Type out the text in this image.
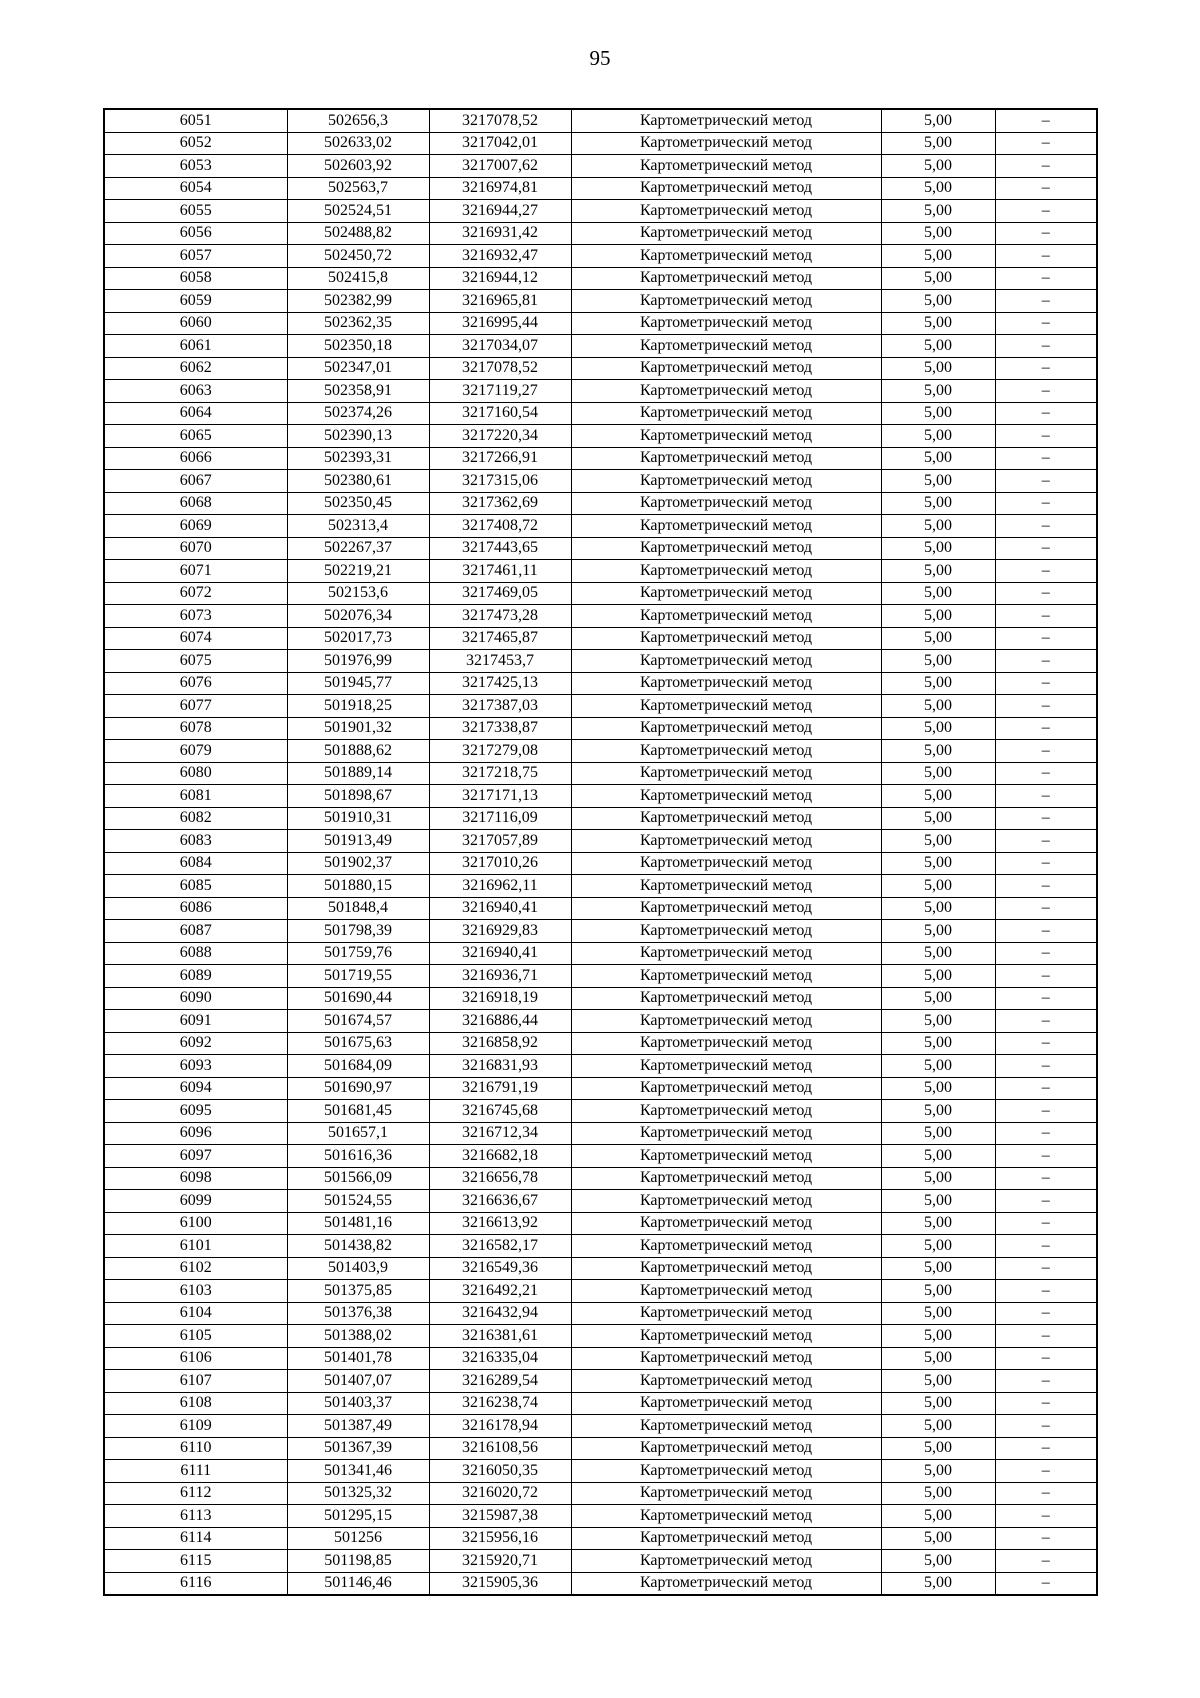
95
6051	502656,3	3217078,52	Картометрический метод	5,00	–
6052	502633,02	3217042,01	Картометрический метод	5,00	–
6053	502603,92	3217007,62	Картометрический метод	5,00	–
6054	502563,7	3216974,81	Картометрический метод	5,00	–
6055	502524,51	3216944,27	Картометрический метод	5,00	–
6056	502488,82	3216931,42	Картометрический метод	5,00	–
6057	502450,72	3216932,47	Картометрический метод	5,00	–
6058	502415,8	3216944,12	Картометрический метод	5,00	–
6059	502382,99	3216965,81	Картометрический метод	5,00	–
6060	502362,35	3216995,44	Картометрический метод	5,00	–
6061	502350,18	3217034,07	Картометрический метод	5,00	–
6062	502347,01	3217078,52	Картометрический метод	5,00	–
6063	502358,91	3217119,27	Картометрический метод	5,00	–
6064	502374,26	3217160,54	Картометрический метод	5,00	–
6065	502390,13	3217220,34	Картометрический метод	5,00	–
6066	502393,31	3217266,91	Картометрический метод	5,00	–
6067	502380,61	3217315,06	Картометрический метод	5,00	–
6068	502350,45	3217362,69	Картометрический метод	5,00	–
6069	502313,4	3217408,72	Картометрический метод	5,00	–
6070	502267,37	3217443,65	Картометрический метод	5,00	–
6071	502219,21	3217461,11	Картометрический метод	5,00	–
6072	502153,6	3217469,05	Картометрический метод	5,00	–
6073	502076,34	3217473,28	Картометрический метод	5,00	–
6074	502017,73	3217465,87	Картометрический метод	5,00	–
6075	501976,99	3217453,7	Картометрический метод	5,00	–
6076	501945,77	3217425,13	Картометрический метод	5,00	–
6077	501918,25	3217387,03	Картометрический метод	5,00	–
6078	501901,32	3217338,87	Картометрический метод	5,00	–
6079	501888,62	3217279,08	Картометрический метод	5,00	–
6080	501889,14	3217218,75	Картометрический метод	5,00	–
6081	501898,67	3217171,13	Картометрический метод	5,00	–
6082	501910,31	3217116,09	Картометрический метод	5,00	–
6083	501913,49	3217057,89	Картометрический метод	5,00	–
6084	501902,37	3217010,26	Картометрический метод	5,00	–
6085	501880,15	3216962,11	Картометрический метод	5,00	–
6086	501848,4	3216940,41	Картометрический метод	5,00	–
6087	501798,39	3216929,83	Картометрический метод	5,00	–
6088	501759,76	3216940,41	Картометрический метод	5,00	–
6089	501719,55	3216936,71	Картометрический метод	5,00	–
6090	501690,44	3216918,19	Картометрический метод	5,00	–
6091	501674,57	3216886,44	Картометрический метод	5,00	–
6092	501675,63	3216858,92	Картометрический метод	5,00	–
6093	501684,09	3216831,93	Картометрический метод	5,00	–
6094	501690,97	3216791,19	Картометрический метод	5,00	–
6095	501681,45	3216745,68	Картометрический метод	5,00	–
6096	501657,1	3216712,34	Картометрический метод	5,00	–
6097	501616,36	3216682,18	Картометрический метод	5,00	–
6098	501566,09	3216656,78	Картометрический метод	5,00	–
6099	501524,55	3216636,67	Картометрический метод	5,00	–
6100	501481,16	3216613,92	Картометрический метод	5,00	–
6101	501438,82	3216582,17	Картометрический метод	5,00	–
6102	501403,9	3216549,36	Картометрический метод	5,00	–
6103	501375,85	3216492,21	Картометрический метод	5,00	–
6104	501376,38	3216432,94	Картометрический метод	5,00	–
6105	501388,02	3216381,61	Картометрический метод	5,00	–
6106	501401,78	3216335,04	Картометрический метод	5,00	–
6107	501407,07	3216289,54	Картометрический метод	5,00	–
6108	501403,37	3216238,74	Картометрический метод	5,00	–
6109	501387,49	3216178,94	Картометрический метод	5,00	–
6110	501367,39	3216108,56	Картометрический метод	5,00	–
6111	501341,46	3216050,35	Картометрический метод	5,00	–
6112	501325,32	3216020,72	Картометрический метод	5,00	–
6113	501295,15	3215987,38	Картометрический метод	5,00	–
6114	501256	3215956,16	Картометрический метод	5,00	–
6115	501198,85	3215920,71	Картометрический метод	5,00	–
6116	501146,46	3215905,36	Картометрический метод	5,00	–
